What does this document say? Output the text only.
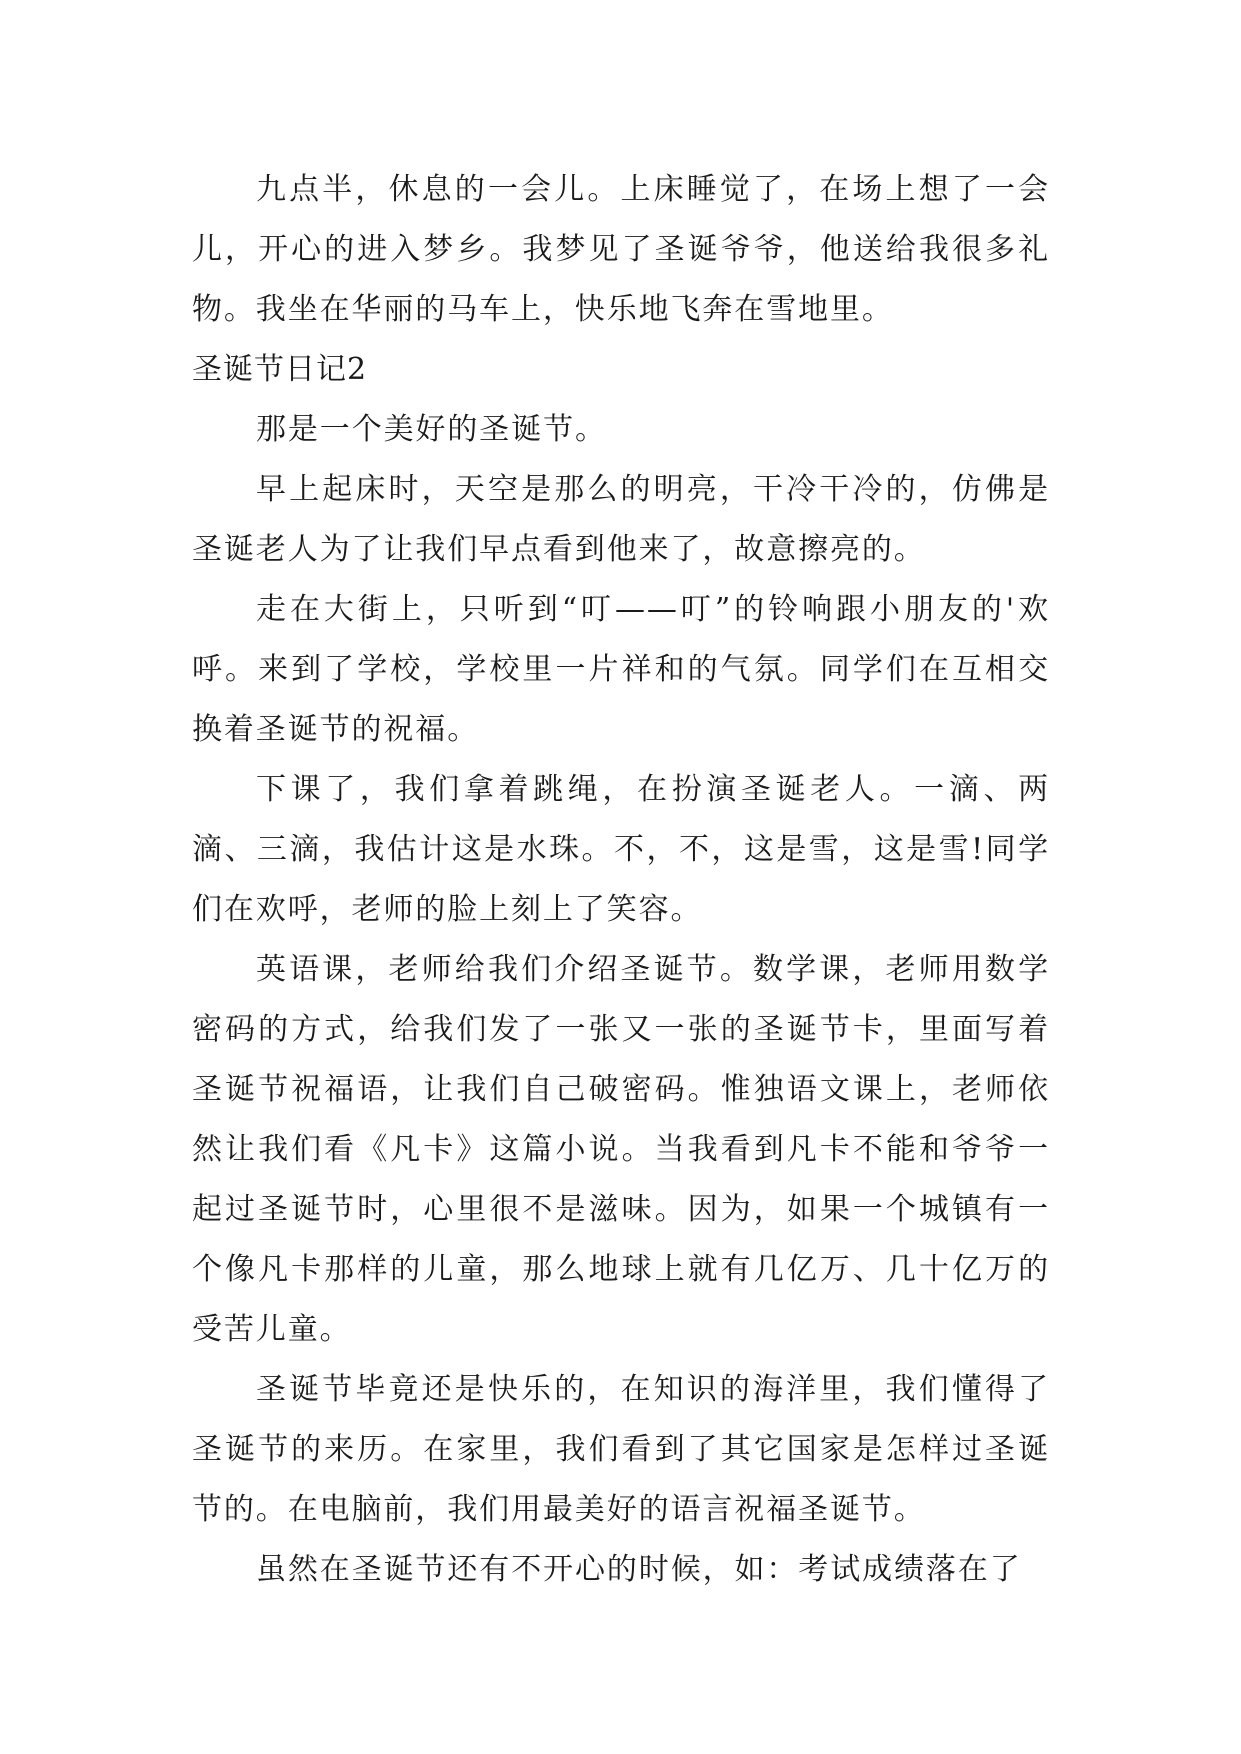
九点半，休息的一会儿。上床睡觉了，在场上想了一会儿，开心的进入梦乡。我梦见了圣诞爷爷，他送给我很多礼物。我坐在华丽的马车上，快乐地飞奔在雪地里。

圣诞节日记2

那是一个美好的圣诞节。

早上起床时，天空是那么的明亮，干冷干冷的，仿佛是圣诞老人为了让我们早点看到他来了，故意擦亮的。

走在大街上，只听到“叮——叮”的铃响跟小朋友的'欢呼。来到了学校，学校里一片祥和的气氛。同学们在互相交换着圣诞节的祝福。

下课了，我们拿着跳绳，在扮演圣诞老人。一滴、两滴、三滴，我估计这是水珠。不，不，这是雪，这是雪!同学们在欢呼，老师的脸上刻上了笑容。

英语课，老师给我们介绍圣诞节。数学课，老师用数学密码的方式，给我们发了一张又一张的圣诞节卡，里面写着圣诞节祝福语，让我们自己破密码。惟独语文课上，老师依然让我们看《凡卡》这篇小说。当我看到凡卡不能和爷爷一起过圣诞节时，心里很不是滋味。因为，如果一个城镇有一个像凡卡那样的儿童，那么地球上就有几亿万、几十亿万的受苦儿童。

圣诞节毕竟还是快乐的，在知识的海洋里，我们懂得了圣诞节的来历。在家里，我们看到了其它国家是怎样过圣诞节的。在电脑前，我们用最美好的语言祝福圣诞节。

虽然在圣诞节还有不开心的时候，如：考试成绩落在了
